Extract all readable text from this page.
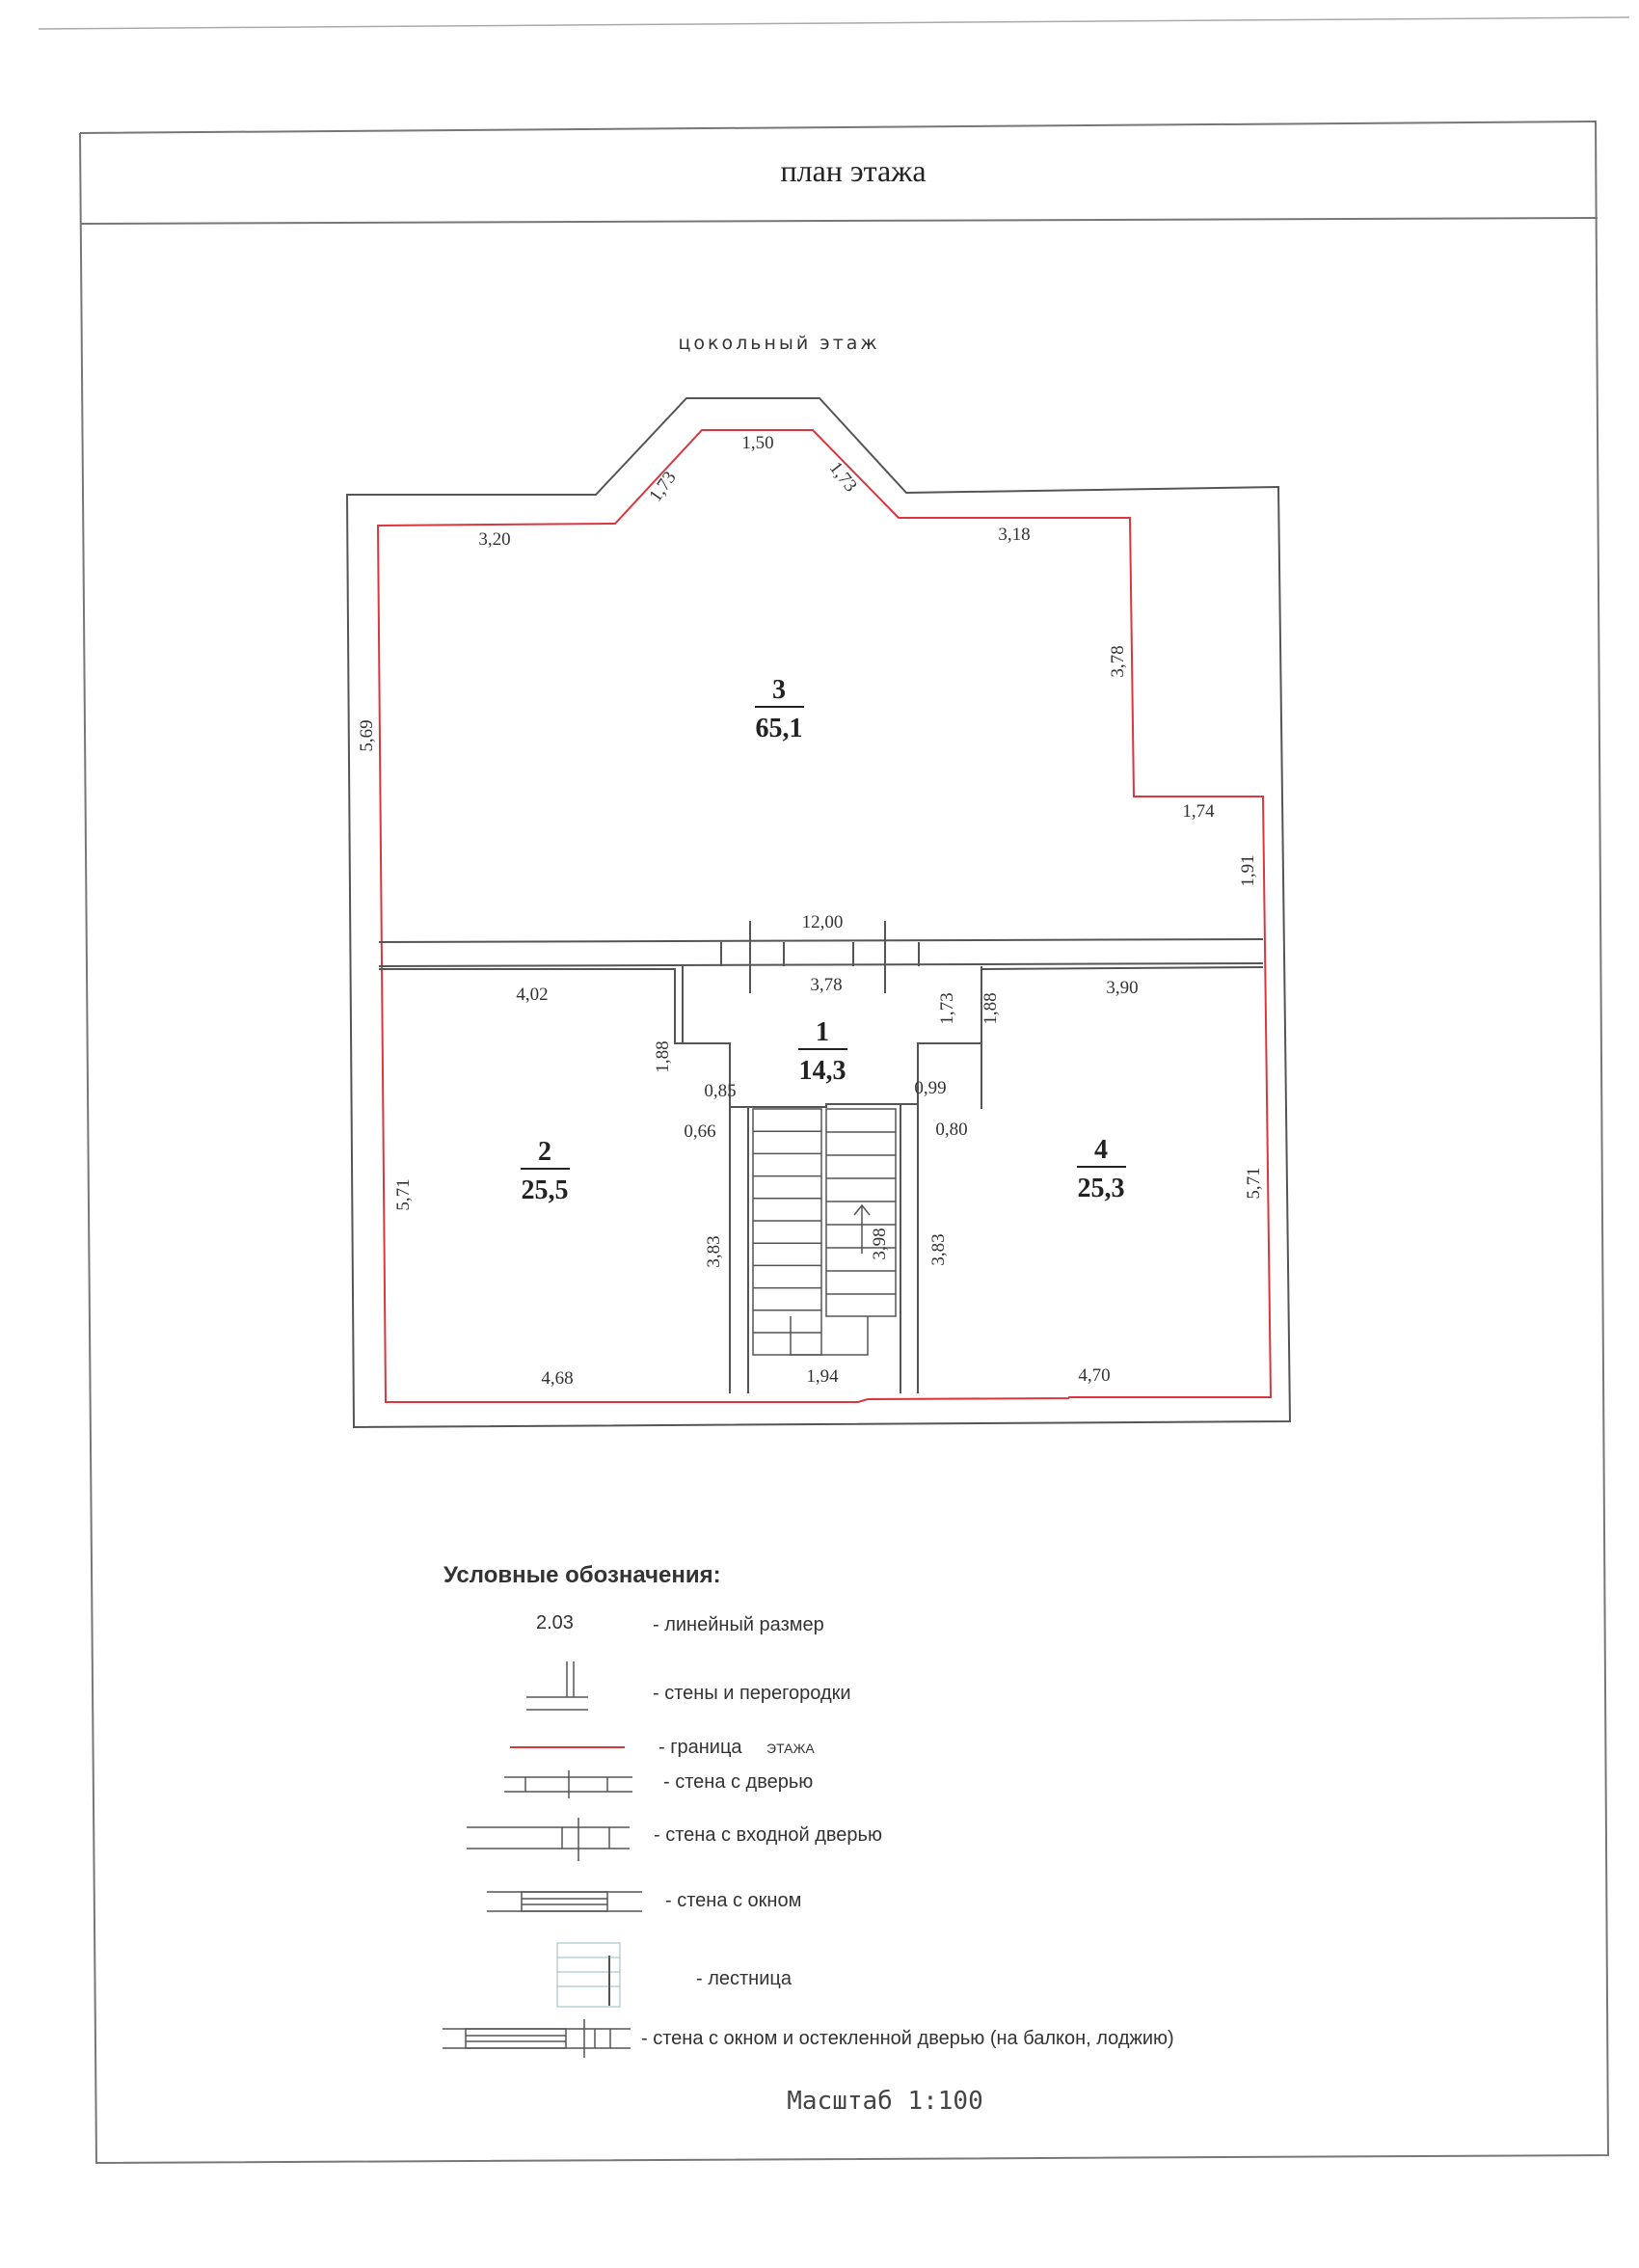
план этажа
цокольный этаж
1,50
1,73	1,73
3,20	3,18
5,69
3,78
1,74
1,91
12,00
3,78
1,73 1,88
1,88
4,02	3,90
0,85	0,99
0,66	0,80
5,71	5,71
3,83	3,98 3,83
4,68	1,94	4,70
3
65,1
1
14,3
2
25,5
4
25,3
Условные обозначения:
2.03	- линейный размер
- стены и перегородки
- граница ЭТАЖА
- стена с дверью
- стена с входной дверью
- стена с окном
- лестница
- стена с окном и остекленной дверью (на балкон, лоджию)
Масштаб 1:100
